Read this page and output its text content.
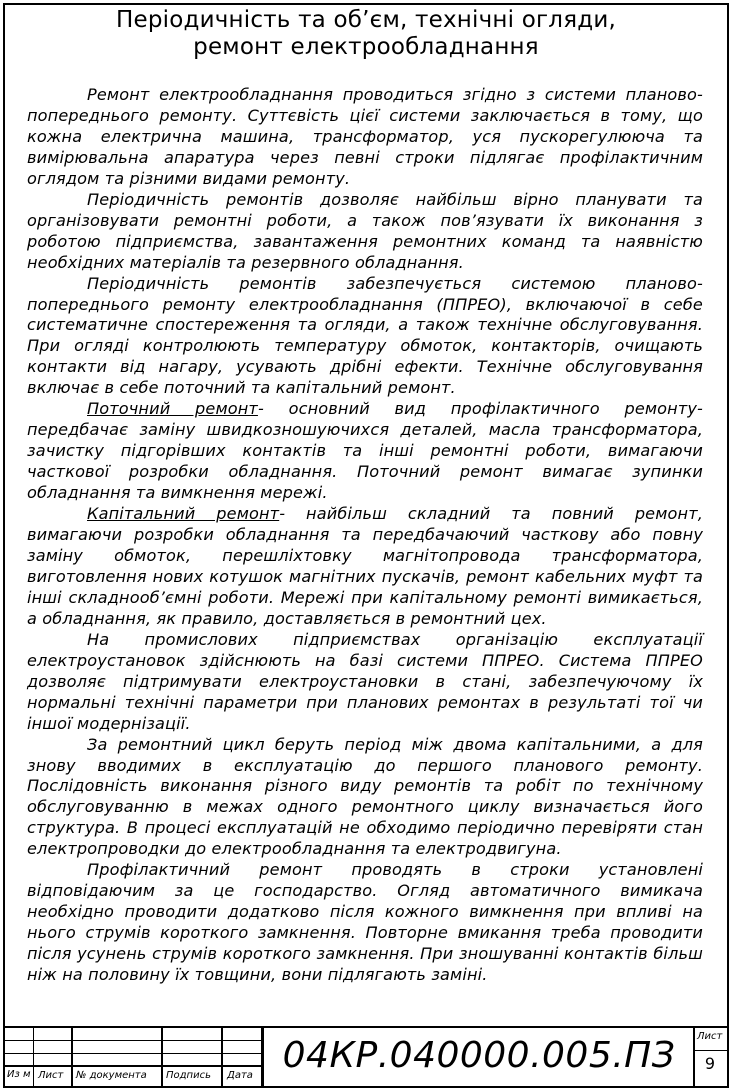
Періодичність та об’єм, технічні огляди,
ремонт електрообладнання

Ремонт електрообладнання проводиться згідно з системи планово-попереднього ремонту. Суттєвість цієї системи заключається в тому, що кожна електрична машина, трансформатор, уся пускорегулююча та вимірювальна апаратура через певні строки підлягає профілактичним оглядом та різними видами ремонту.

Періодичність ремонтів дозволяє найбільш вірно планувати та організовувати ремонтні роботи, а також пов’язувати їх виконання з роботою підприємства, завантаження ремонтних команд та наявністю необхідних матеріалів та резервного обладнання.

Періодичність ремонтів забезпечується системою планово-попереднього ремонту електрообладнання (ППРЕО), включаючої в себе систематичне спостереження та огляди, а також технічне обслуговування. При огляді контролюють температуру обмоток, контакторів, очищають контакти від нагару, усувають дрібні ефекти. Технічне обслуговування включає в себе поточний та капітальний ремонт.

Поточний ремонт- основний вид профілактичного ремонту- передбачає заміну швидкозношуючихся деталей, масла трансформатора, зачистку підгорівших контактів та інші ремонтні роботи, вимагаючи часткової розробки обладнання. Поточний ремонт вимагає зупинки обладнання та вимкнення мережі.

Капітальний ремонт- найбільш складний та повний ремонт, вимагаючи розробки обладнання та передбачаючий часткову або повну заміну обмоток, перешліхтовку магнітопровода трансформатора, виготовлення нових котушок магнітних пускачів, ремонт кабельних муфт та інші складнооб’ємні роботи. Мережі при капітальному ремонті вимикається, а обладнання, як правило, доставляється в ремонтний цех.

На промислових підприємствах організацію експлуатації електроустановок здійснюють на базі системи ППРЕО. Система ППРЕО дозволяє підтримувати електроустановки в стані, забезпечуючому їх нормальні технічні параметри при планових ремонтах в результаті тої чи іншої модернізації.

За ремонтний цикл беруть період між двома капітальними, а для знову вводимих в експлуатацію до першого планового ремонту. Послідовність виконання різного виду ремонтів та робіт по технічному обслуговуванню в межах одного ремонтного циклу визначається його структура. В процесі експлуатацій не обходимо періодично перевіряти стан електропроводки до електрообладнання та електродвигуна.

Профілактичний ремонт проводять в строки установлені відповідаючим за це господарство. Огляд автоматичного вимикача необхідно проводити додатково після кожного вимкнення при впливі на нього струмів короткого замкнення. Повторне вмикання треба проводити після усунень струмів короткого замкнення. При зношуванні контактів більш ніж на половину їх товщини, вони підлягають заміні.

Из м Лист № документа Подпись Дата 04КР.040000.005.ПЗ	Лист
9
